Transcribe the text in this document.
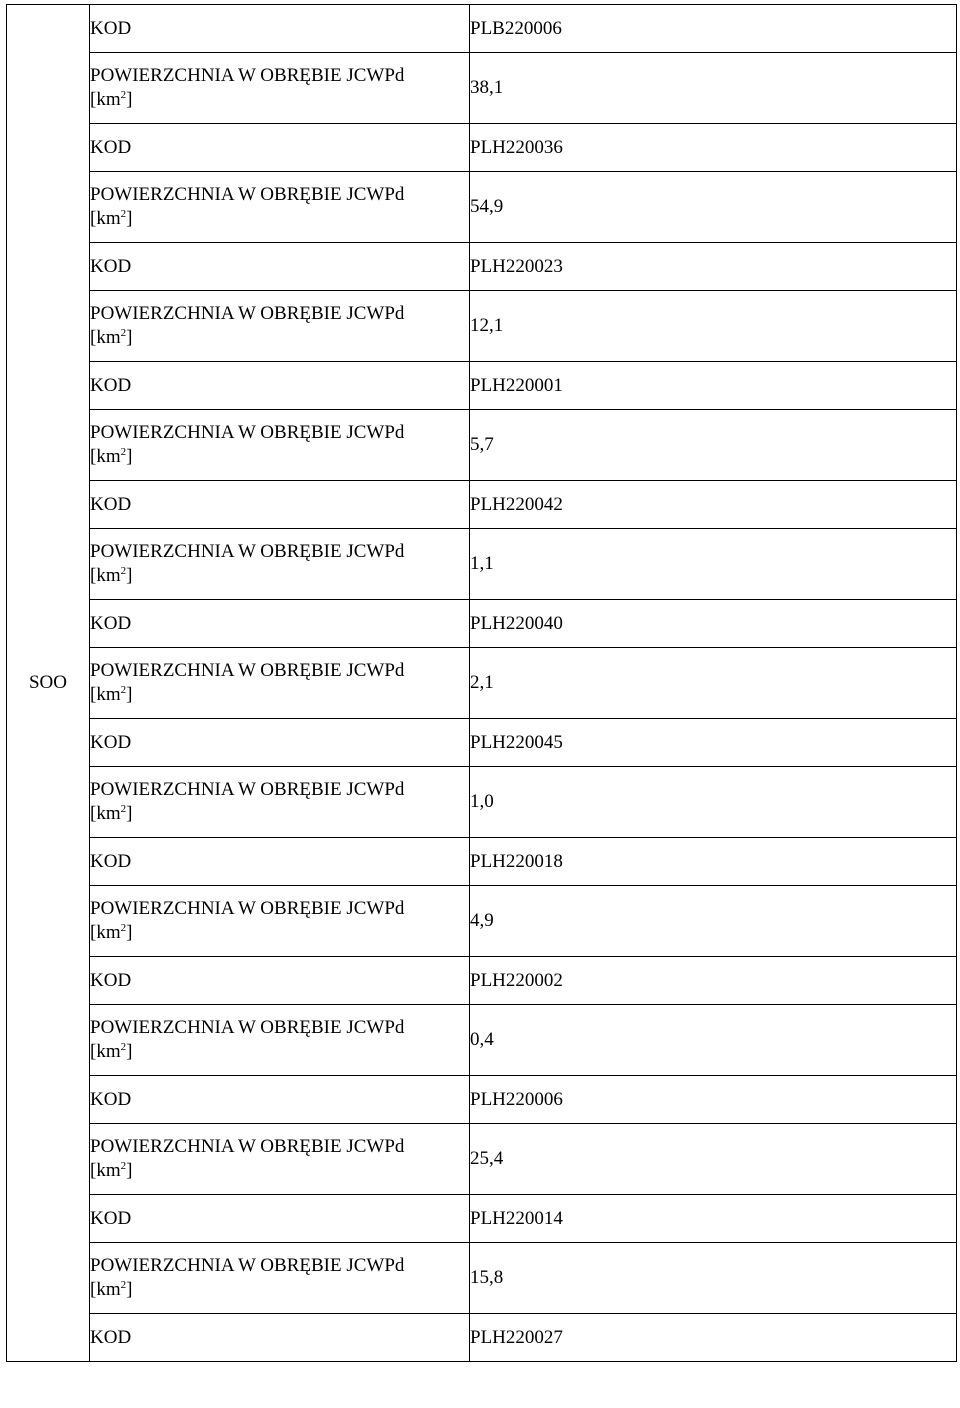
SOO	KOD	PLB220006

	POWIERZCHNIA W OBRĘBIE JCWPd
$[km^2]$	38,1
	KOD	PLH220036

	POWIERZCHNIA W OBRĘBIE JCWPd
$[km^2]$	54,9
	KOD	PLH220023

	POWIERZCHNIA W OBRĘBIE JCWPd
$[km^2]$	12,1
	KOD	PLH220001

	POWIERZCHNIA W OBRĘBIE JCWPd
$[km^2]$	5,7
	KOD	PLH220042

	POWIERZCHNIA W OBRĘBIE JCWPd
$[km^2]$	1,1
	KOD	PLH220040

	POWIERZCHNIA W OBRĘBIE JCWPd
$[km^2]$	2,1
	KOD	PLH220045

	POWIERZCHNIA W OBRĘBIE JCWPd
$[km^2]$	1,0
	KOD	PLH220018

	POWIERZCHNIA W OBRĘBIE JCWPd
$[km^2]$	4,9
	KOD	PLH220002

	POWIERZCHNIA W OBRĘBIE JCWPd
$[km^2]$	0,4
	KOD	PLH220006

	POWIERZCHNIA W OBRĘBIE JCWPd
$[km^2]$	25,4
	KOD	PLH220014

	POWIERZCHNIA W OBRĘBIE JCWPd
$[km^2]$	15,8
	KOD	PLH220027
